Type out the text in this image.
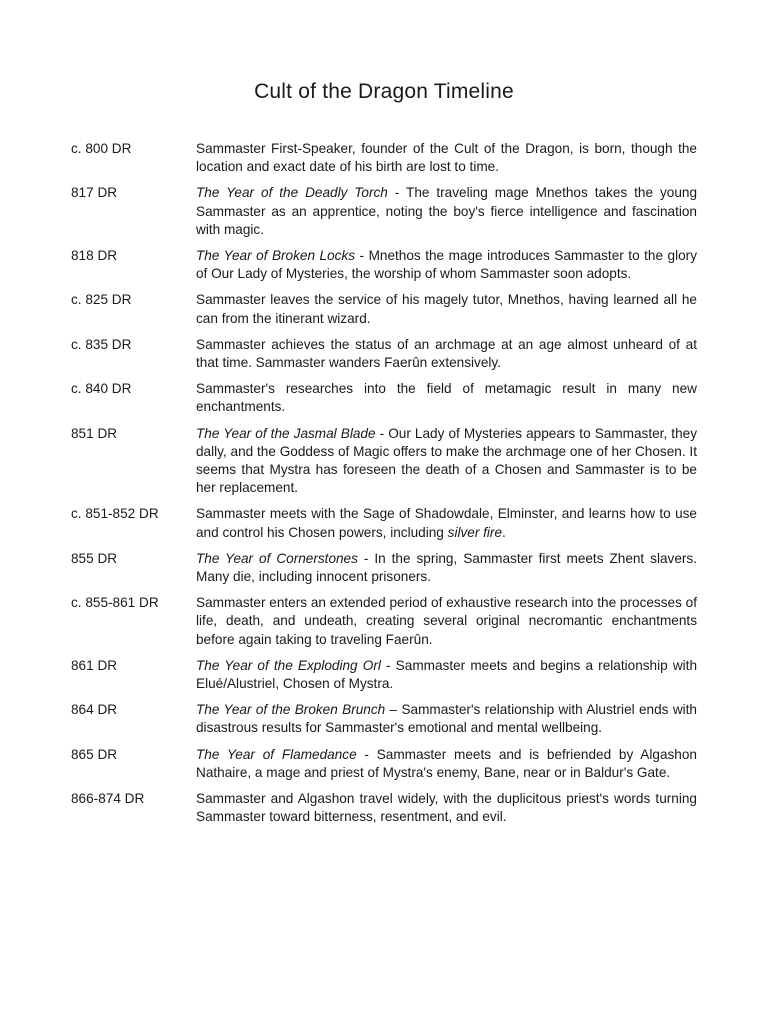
Cult of the Dragon Timeline
c. 800 DR	Sammaster First-Speaker, founder of the Cult of the Dragon, is born, though the location and exact date of his birth are lost to time.
817 DR	The Year of the Deadly Torch - The traveling mage Mnethos takes the young Sammaster as an apprentice, noting the boy's fierce intelligence and fascination with magic.
818 DR	The Year of Broken Locks - Mnethos the mage introduces Sammaster to the glory of Our Lady of Mysteries, the worship of whom Sammaster soon adopts.
c. 825 DR	Sammaster leaves the service of his magely tutor, Mnethos, having learned all he can from the itinerant wizard.
c. 835 DR	Sammaster achieves the status of an archmage at an age almost unheard of at that time. Sammaster wanders Faerûn extensively.
c. 840 DR	Sammaster's researches into the field of metamagic result in many new enchantments.
851 DR	The Year of the Jasmal Blade - Our Lady of Mysteries appears to Sammaster, they dally, and the Goddess of Magic offers to make the archmage one of her Chosen. It seems that Mystra has foreseen the death of a Chosen and Sammaster is to be her replacement.
c. 851-852 DR	Sammaster meets with the Sage of Shadowdale, Elminster, and learns how to use and control his Chosen powers, including silver fire.
855 DR	The Year of Cornerstones - In the spring, Sammaster first meets Zhent slavers. Many die, including innocent prisoners.
c. 855-861 DR	Sammaster enters an extended period of exhaustive research into the processes of life, death, and undeath, creating several original necromantic enchantments before again taking to traveling Faerûn.
861 DR	The Year of the Exploding Orl - Sammaster meets and begins a relationship with Elué/Alustriel, Chosen of Mystra.
864 DR	The Year of the Broken Brunch – Sammaster's relationship with Alustriel ends with disastrous results for Sammaster's emotional and mental wellbeing.
865 DR	The Year of Flamedance - Sammaster meets and is befriended by Algashon Nathaire, a mage and priest of Mystra's enemy, Bane, near or in Baldur's Gate.
866-874 DR	Sammaster and Algashon travel widely, with the duplicitous priest's words turning Sammaster toward bitterness, resentment, and evil.
